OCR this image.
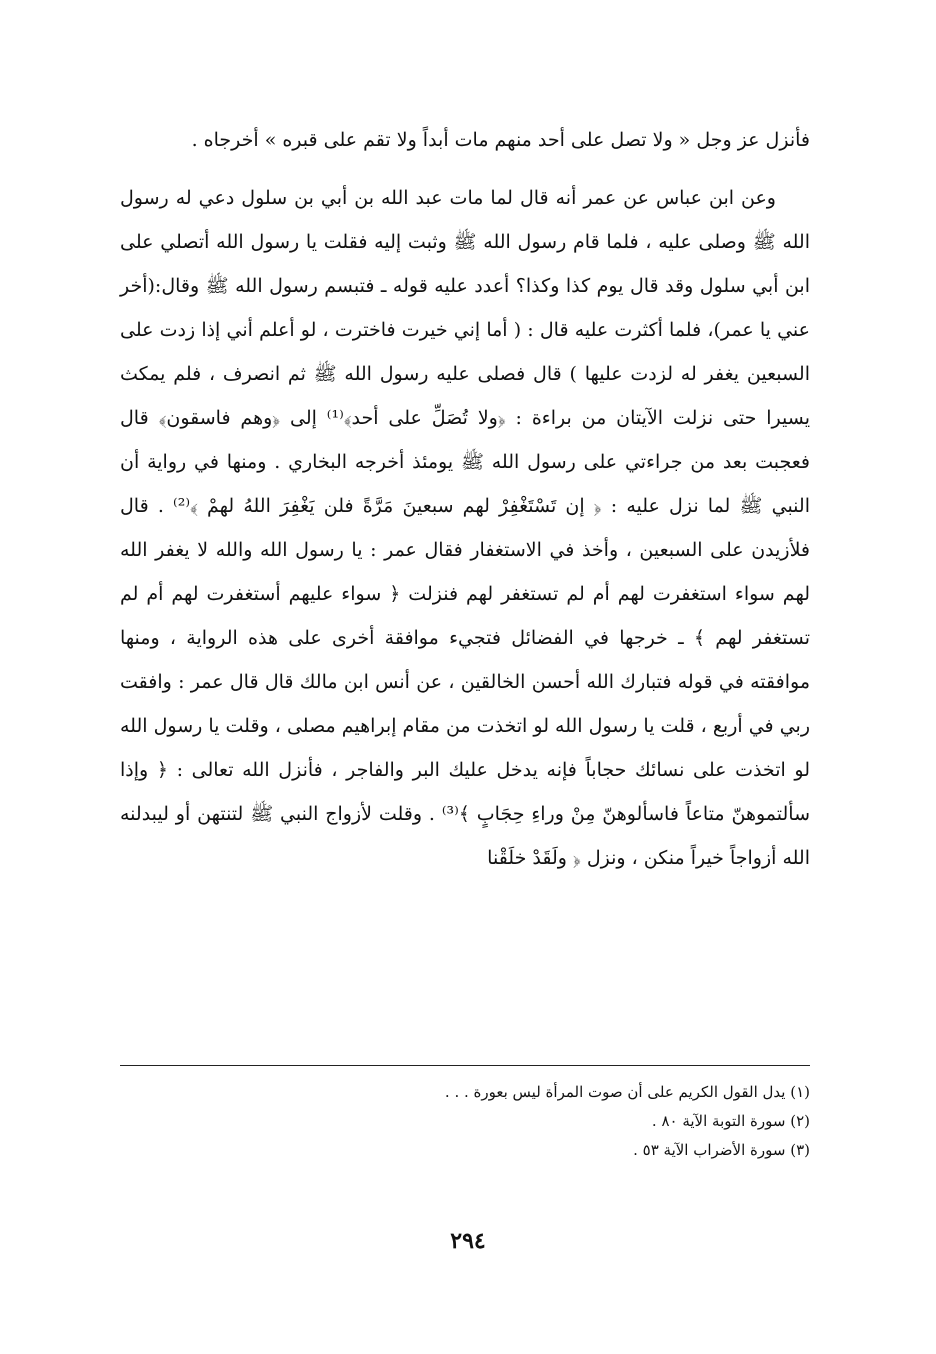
فأنزل عز وجل « ولا تصل على أحد منهم مات أبداً ولا تقم على قبره » أخرجاه .

وعن ابن عباس عن عمر أنه قال لما مات عبد الله بن أبي بن سلول دعي له رسول الله ﷺ وصلى عليه ، فلما قام رسول الله ﷺ وثبت إليه فقلت يا رسول الله أتصلي على ابن أبي سلول وقد قال يوم كذا وكذا؟ أعدد عليه قوله ـ فتبسم رسول الله ﷺ وقال:(أخر عني يا عمر)، فلما أكثرت عليه قال : ( أما إني خيرت فاخترت ، لو أعلم أني إذا زدت على السبعين يغفر له لزدت عليها ) قال فصلى عليه رسول الله ﷺ ثم انصرف ، فلم يمكث يسيرا حتى نزلت الآيتان من براءة : ﴿ولا تُصَلِّ على أحد﴾⁽¹⁾ إلى ﴿وهم فاسقون﴾ قال فعجبت بعد من جراءتي على رسول الله ﷺ يومئذ أخرجه البخاري . ومنها في رواية أن النبي ﷺ لما نزل عليه : ﴿ إن تَسْتَغْفِرْ لهم سبعينَ مَرَّةً فلن يَغْفِرَ اللهُ لهمْ ﴾⁽²⁾ . قال فلأزيدن على السبعين ، وأخذ في الاستغفار فقال عمر : يا رسول الله والله لا يغفر الله لهم سواء استغفرت لهم أم لم تستغفر لهم فنزلت ﴿ سواء عليهم أستغفرت لهم أم لم تستغفر لهم ﴾ ـ خرجها في الفضائل فتجيء موافقة أخرى على هذه الرواية ، ومنها موافقته في قوله فتبارك الله أحسن الخالقين ، عن أنس ابن مالك قال قال عمر : وافقت ربي في أربع ، قلت يا رسول الله لو اتخذت من مقام إبراهيم مصلى ، وقلت يا رسول الله لو اتخذت على نسائك حجاباً فإنه يدخل عليك البر والفاجر ، فأنزل الله تعالى : ﴿ وإذا سألتموهنّ متاعاً فاسألوهنّ مِنْ وراءِ حِجَابٍ ﴾⁽³⁾ . وقلت لأزواج النبي ﷺ لتنتهن أو ليبدلنه الله أزواجاً خيراً منكن ، ونزل ﴿ ولَقَدْ خلَقْنا

(١) يدل القول الكريم على أن صوت المرأة ليس بعورة . . .
(٢) سورة التوبة الآية ٨٠ .
(٣) سورة الأضراب الآية ٥٣ .
٢٩٤
